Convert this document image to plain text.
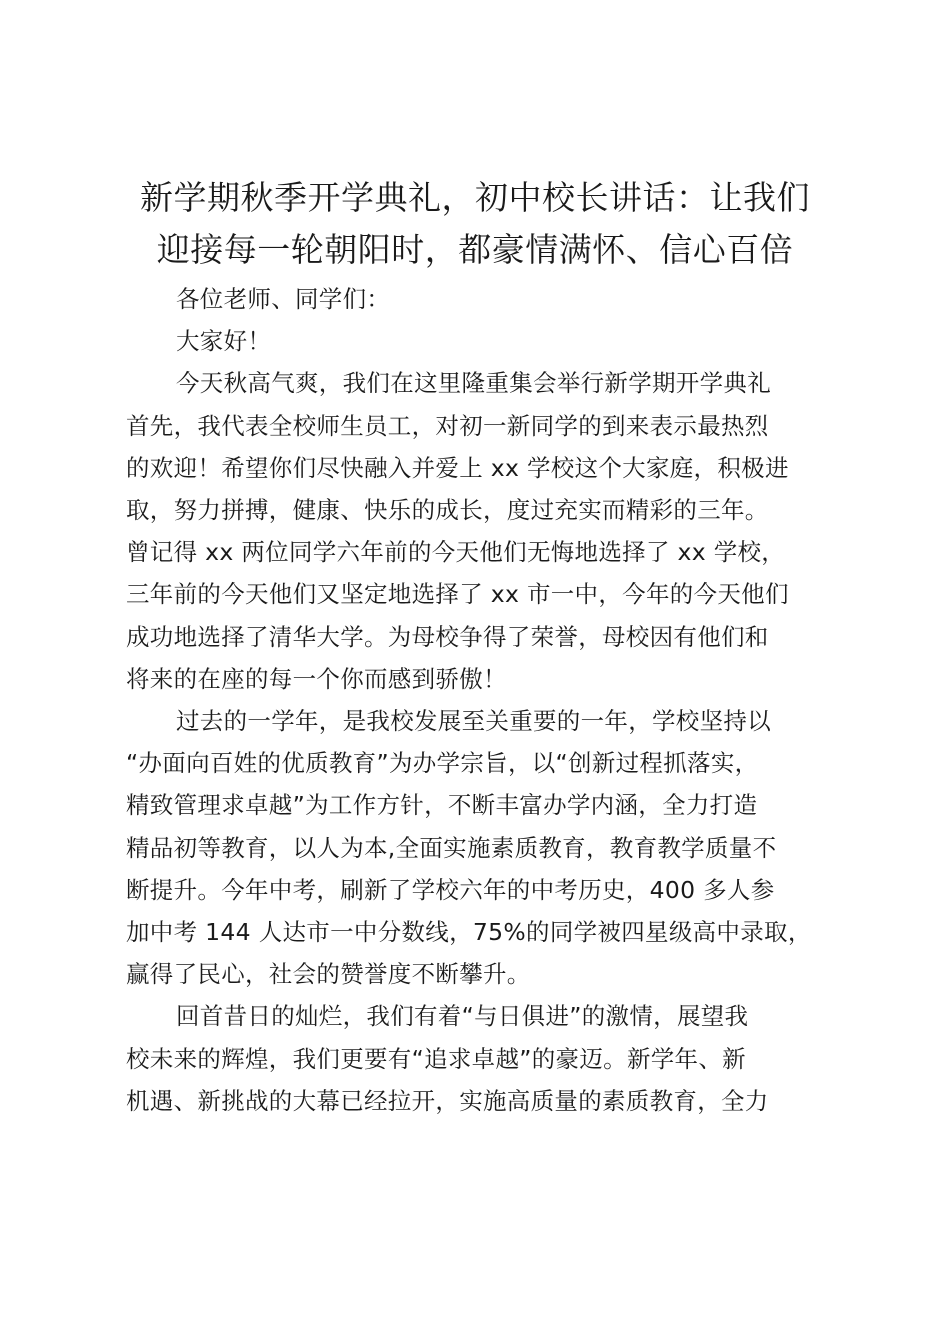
新学期秋季开学典礼，初中校长讲话：让我们
迎接每一轮朝阳时，都豪情满怀、信心百倍
各位老师、同学们：
大家好！
今天秋高气爽，我们在这里隆重集会举行新学期开学典礼
首先，我代表全校师生员工，对初一新同学的到来表示最热烈
的欢迎！希望你们尽快融入并爱上 xx 学校这个大家庭，积极进
取，努力拼搏，健康、快乐的成长，度过充实而精彩的三年。
曾记得 xx 两位同学六年前的今天他们无悔地选择了 xx 学校，
三年前的今天他们又坚定地选择了 xx 市一中，今年的今天他们
成功地选择了清华大学。为母校争得了荣誉，母校因有他们和
将来的在座的每一个你而感到骄傲！
过去的一学年，是我校发展至关重要的一年，学校坚持以
“办面向百姓的优质教育”为办学宗旨，以“创新过程抓落实，
精致管理求卓越”为工作方针，不断丰富办学内涵，全力打造
精品初等教育，以人为本,全面实施素质教育，教育教学质量不
断提升。今年中考，刷新了学校六年的中考历史，400 多人参
加中考 144 人达市一中分数线，75%的同学被四星级高中录取，
赢得了民心，社会的赞誉度不断攀升。
回首昔日的灿烂，我们有着“与日俱进”的激情，展望我
校未来的辉煌，我们更要有“追求卓越”的豪迈。新学年、新
机遇、新挑战的大幕已经拉开，实施高质量的素质教育，全力
